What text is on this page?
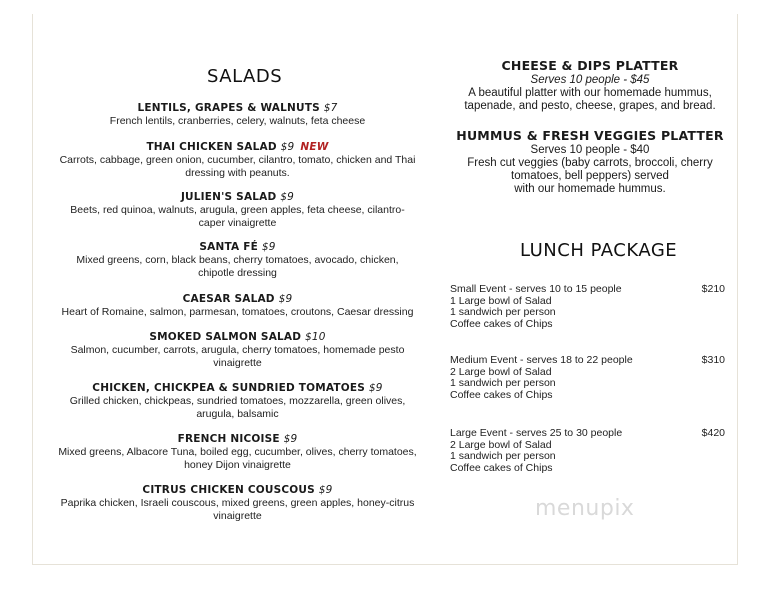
SALADS
LENTILS, GRAPES & WALNUTS $7
French lentils, cranberries, celery, walnuts, feta cheese
THAI CHICKEN SALAD $9 NEW
Carrots, cabbage, green onion, cucumber, cilantro, tomato, chicken and Thai
dressing with peanuts.
JULIEN'S SALAD $9
Beets, red quinoa, walnuts, arugula, green apples, feta cheese, cilantro-
caper vinaigrette
SANTA FÉ $9
Mixed greens, corn, black beans, cherry tomatoes, avocado, chicken,
chipotle dressing
CAESAR SALAD $9
Heart of Romaine, salmon, parmesan, tomatoes, croutons, Caesar dressing
SMOKED SALMON SALAD $10
Salmon, cucumber, carrots, arugula, cherry tomatoes, homemade pesto
vinaigrette
CHICKEN, CHICKPEA & SUNDRIED TOMATOES $9
Grilled chicken, chickpeas, sundried tomatoes, mozzarella, green olives,
arugula, balsamic
FRENCH NICOISE $9
Mixed greens, Albacore Tuna, boiled egg, cucumber, olives, cherry tomatoes,
honey Dijon vinaigrette
CITRUS CHICKEN COUSCOUS $9
Paprika chicken, Israeli couscous, mixed greens, green apples, honey-citrus
vinaigrette
CHEESE & DIPS PLATTER
Serves 10 people - $45
A beautiful platter with our homemade hummus,
tapenade, and pesto, cheese, grapes, and bread.
HUMMUS & FRESH VEGGIES PLATTER
Serves 10 people - $40
Fresh cut veggies (baby carrots, broccoli, cherry
tomatoes, bell peppers) served
with our homemade hummus.
LUNCH PACKAGE
Small Event - serves 10 to 15 people	$210
1 Large bowl of Salad
1 sandwich per person
Coffee cakes of Chips
Medium Event - serves 18 to 22 people	$310
2 Large bowl of Salad
1 sandwich per person
Coffee cakes of Chips
Large Event - serves 25 to 30 people	$420
2 Large bowl of Salad
1 sandwich per person
Coffee cakes of Chips
menupix
